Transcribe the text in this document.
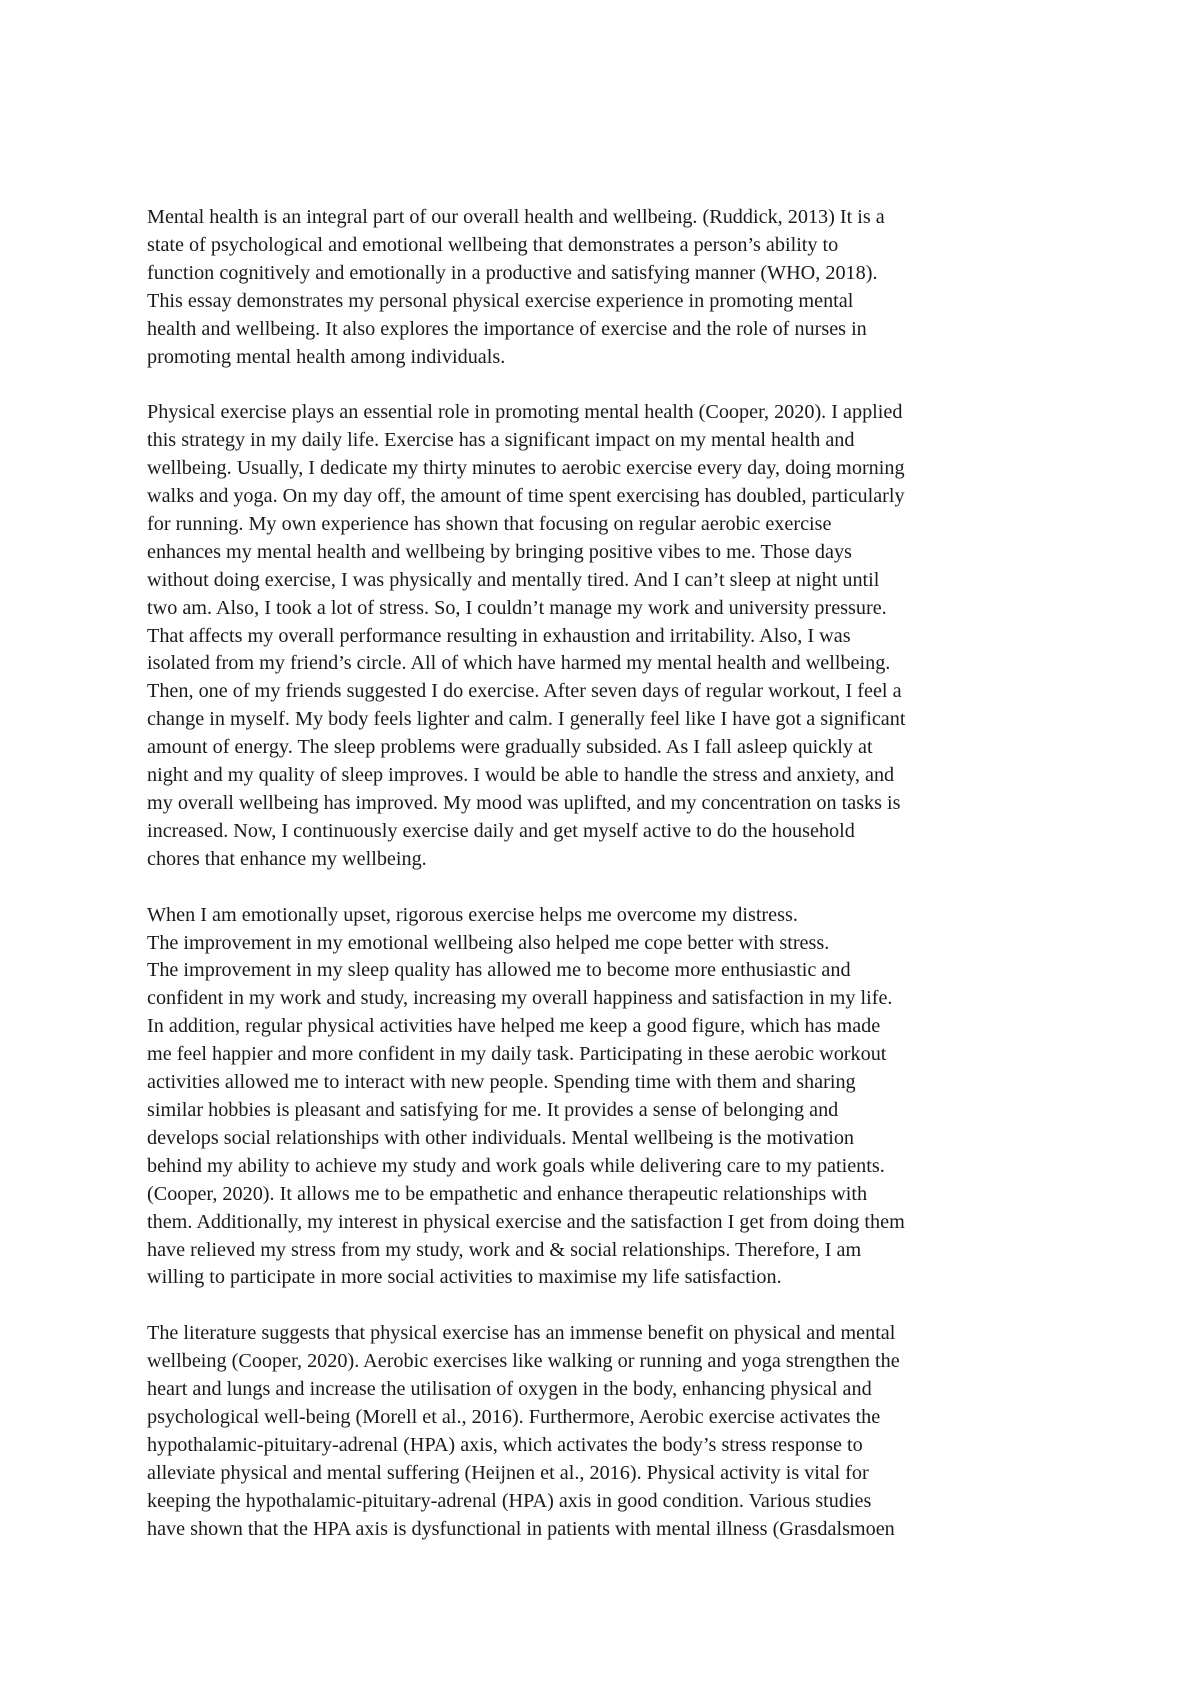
Mental health is an integral part of our overall health and wellbeing. (Ruddick, 2013) It is a
state of psychological and emotional wellbeing that demonstrates a person’s ability to
function cognitively and emotionally in a productive and satisfying manner (WHO, 2018).
This essay demonstrates my personal physical exercise experience in promoting mental
health and wellbeing. It also explores the importance of exercise and the role of nurses in
promoting mental health among individuals.

Physical exercise plays an essential role in promoting mental health (Cooper, 2020). I applied
this strategy in my daily life. Exercise has a significant impact on my mental health and
wellbeing. Usually, I dedicate my thirty minutes to aerobic exercise every day, doing morning
walks and yoga. On my day off, the amount of time spent exercising has doubled, particularly
for running. My own experience has shown that focusing on regular aerobic exercise
enhances my mental health and wellbeing by bringing positive vibes to me. Those days
without doing exercise, I was physically and mentally tired. And I can’t sleep at night until
two am. Also, I took a lot of stress. So, I couldn’t manage my work and university pressure.
That affects my overall performance resulting in exhaustion and irritability. Also, I was
isolated from my friend’s circle. All of which have harmed my mental health and wellbeing.
Then, one of my friends suggested I do exercise. After seven days of regular workout, I feel a
change in myself. My body feels lighter and calm. I generally feel like I have got a significant
amount of energy. The sleep problems were gradually subsided. As I fall asleep quickly at
night and my quality of sleep improves. I would be able to handle the stress and anxiety, and
my overall wellbeing has improved. My mood was uplifted, and my concentration on tasks is
increased. Now, I continuously exercise daily and get myself active to do the household
chores that enhance my wellbeing.

When I am emotionally upset, rigorous exercise helps me overcome my distress.
The improvement in my emotional wellbeing also helped me cope better with stress.
The improvement in my sleep quality has allowed me to become more enthusiastic and
confident in my work and study, increasing my overall happiness and satisfaction in my life.
In addition, regular physical activities have helped me keep a good figure, which has made
me feel happier and more confident in my daily task. Participating in these aerobic workout
activities allowed me to interact with new people. Spending time with them and sharing
similar hobbies is pleasant and satisfying for me. It provides a sense of belonging and
develops social relationships with other individuals. Mental wellbeing is the motivation
behind my ability to achieve my study and work goals while delivering care to my patients.
(Cooper, 2020). It allows me to be empathetic and enhance therapeutic relationships with
them. Additionally, my interest in physical exercise and the satisfaction I get from doing them
have relieved my stress from my study, work and & social relationships. Therefore, I am
willing to participate in more social activities to maximise my life satisfaction.

The literature suggests that physical exercise has an immense benefit on physical and mental
wellbeing (Cooper, 2020). Aerobic exercises like walking or running and yoga strengthen the
heart and lungs and increase the utilisation of oxygen in the body, enhancing physical and
psychological well-being (Morell et al., 2016). Furthermore, Aerobic exercise activates the
hypothalamic-pituitary-adrenal (HPA) axis, which activates the body’s stress response to
alleviate physical and mental suffering (Heijnen et al., 2016). Physical activity is vital for
keeping the hypothalamic-pituitary-adrenal (HPA) axis in good condition. Various studies
have shown that the HPA axis is dysfunctional in patients with mental illness (Grasdalsmoen
